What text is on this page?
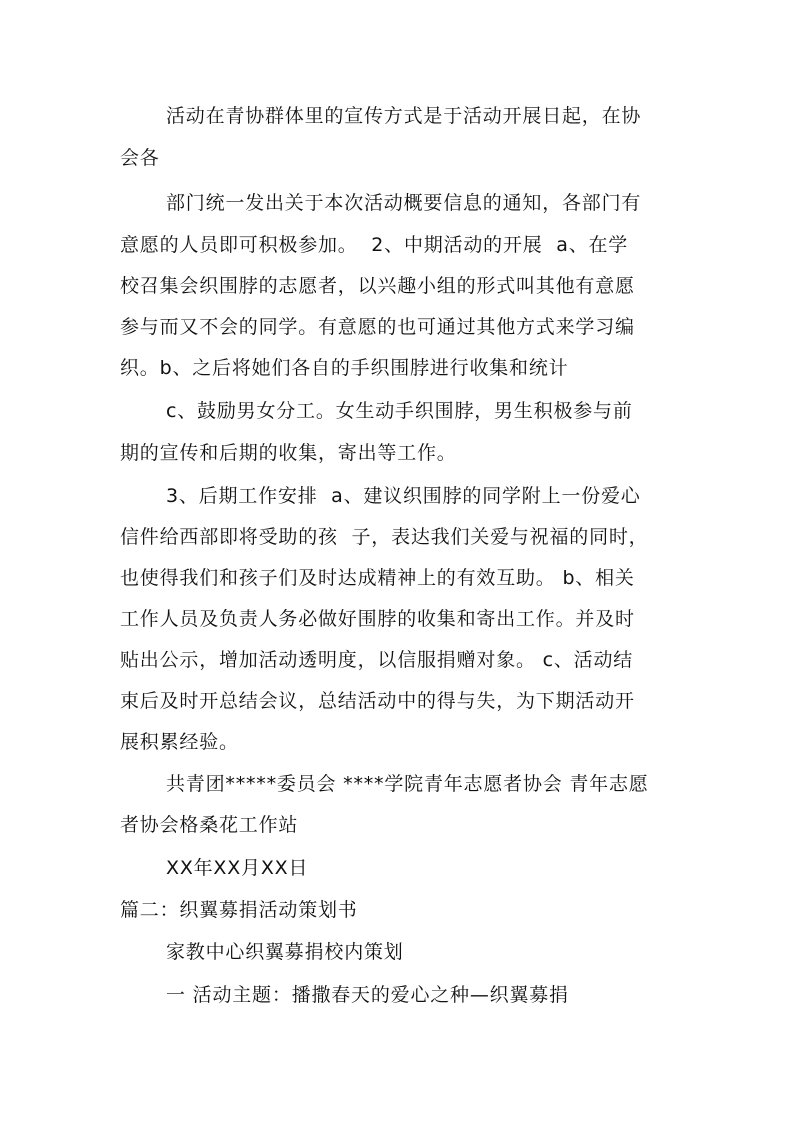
活动在青协群体里的宣传方式是于活动开展日起，在协
会各
部门统一发出关于本次活动概要信息的通知，各部门有
意愿的人员即可积极参加。  2、中期活动的开展  a、在学
校召集会织围脖的志愿者，以兴趣小组的形式叫其他有意愿
参与而又不会的同学。有意愿的也可通过其他方式来学习编
织。b、之后将她们各自的手织围脖进行收集和统计
c、鼓励男女分工。女生动手织围脖，男生积极参与前
期的宣传和后期的收集，寄出等工作。
3、后期工作安排  a、建议织围脖的同学附上一份爱心
信件给西部即将受助的孩  子，表达我们关爱与祝福的同时，
也使得我们和孩子们及时达成精神上的有效互助。 b、相关
工作人员及负责人务必做好围脖的收集和寄出工作。并及时
贴出公示，增加活动透明度，以信服捐赠对象。 c、活动结
束后及时开总结会议，总结活动中的得与失，为下期活动开
展积累经验。
共青团*****委员会 ****学院青年志愿者协会 青年志愿
者协会格桑花工作站
XX年XX月XX日
篇二：织翼募捐活动策划书
家教中心织翼募捐校内策划
一 活动主题：播撒春天的爱心之种—织翼募捐
